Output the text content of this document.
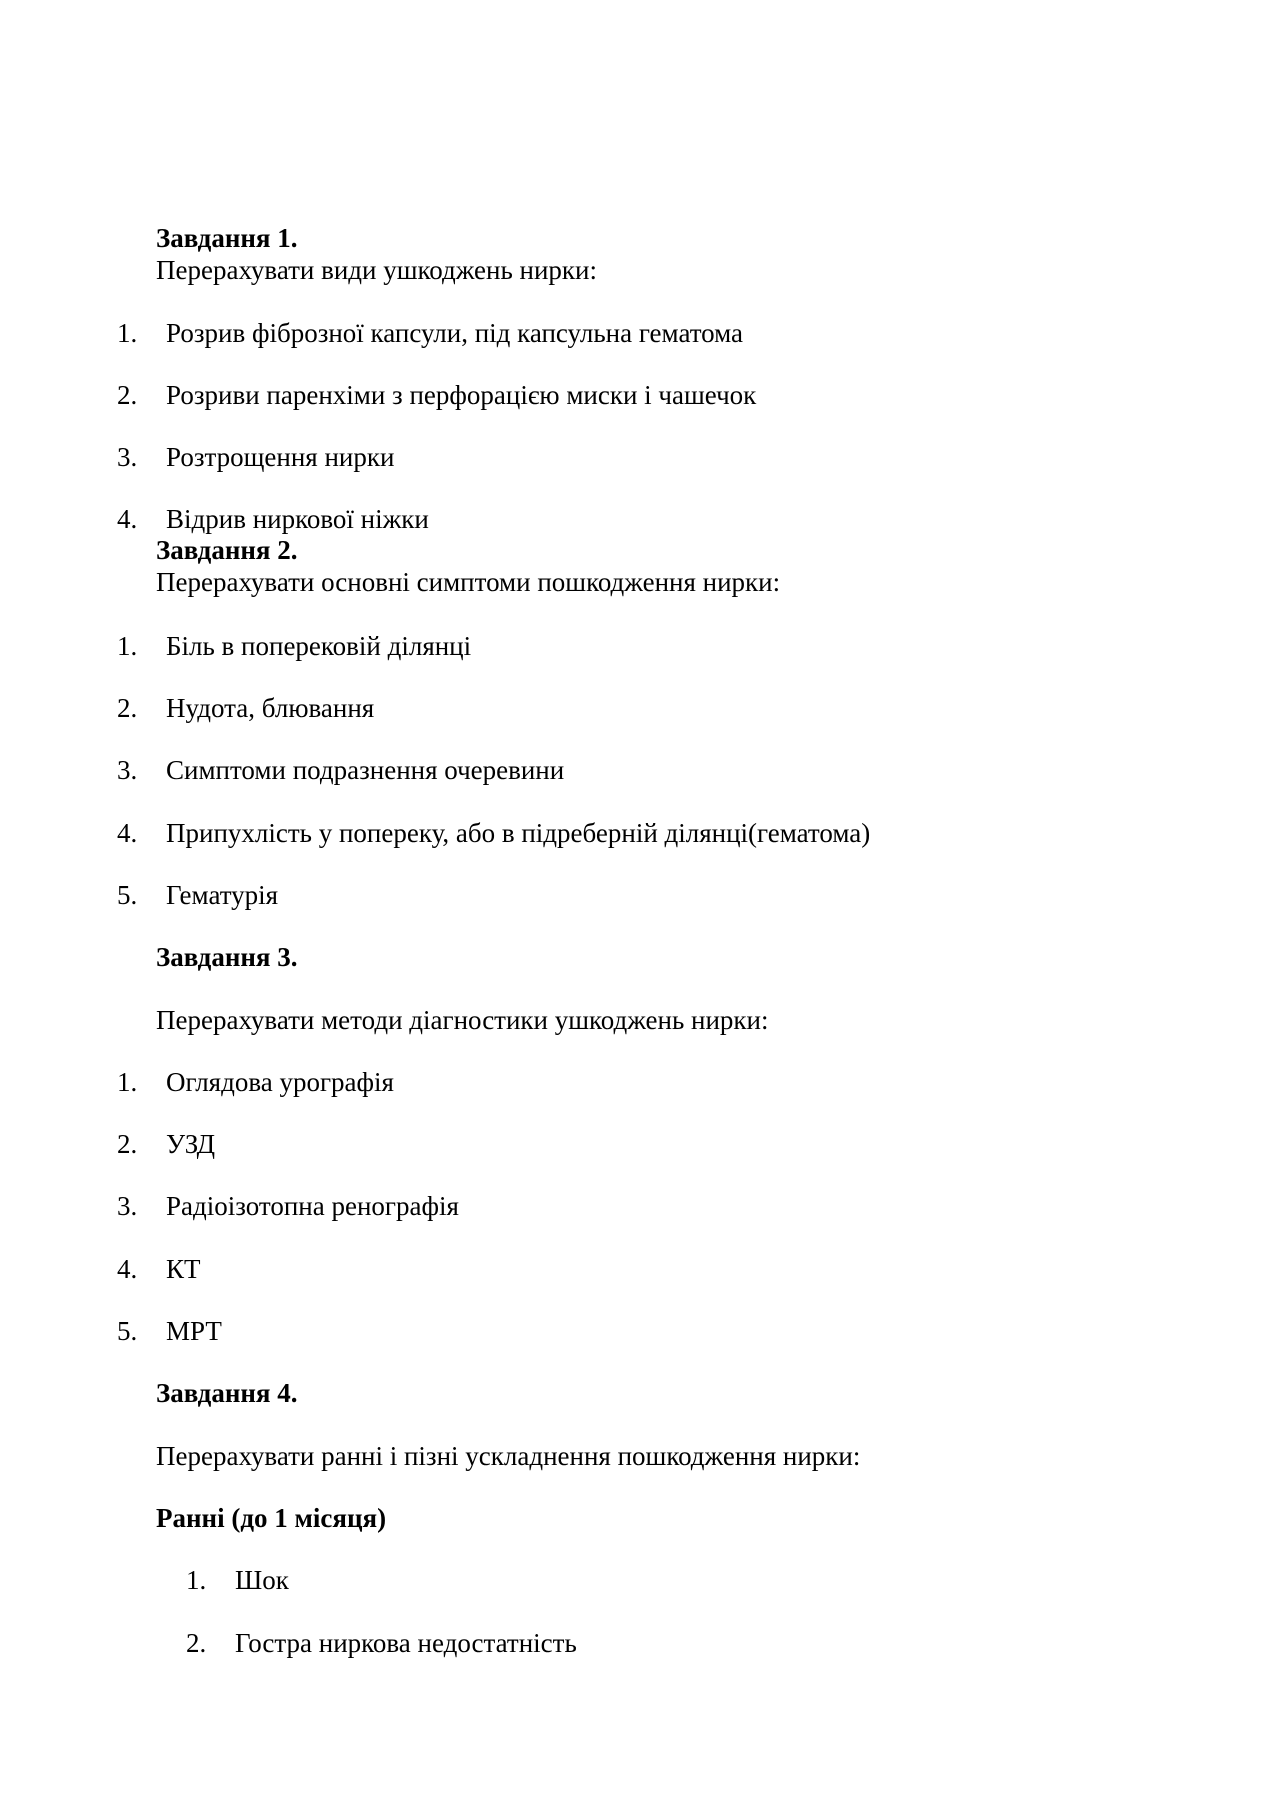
Завдання 1.
Перерахувати види ушкоджень нирки:
1. Розрив фіброзної капсули, під капсульна гематома
2. Розриви паренхіми з перфорацією миски і чашечок
3. Розтрощення нирки
4. Відрив ниркової ніжки
Завдання 2.
Перерахувати основні симптоми пошкодження нирки:
1. Біль в поперековій ділянці
2. Нудота, блювання
3. Симптоми подразнення очеревини
4. Припухлість у попереку, або в підреберній ділянці(гематома)
5. Гематурія
Завдання 3.
Перерахувати методи діагностики ушкоджень нирки:
1. Оглядова урографія
2. УЗД
3. Радіоізотопна ренографія
4. КТ
5. МРТ
Завдання 4.
Перерахувати ранні і пізні ускладнення пошкодження нирки:
Ранні (до 1 місяця)
1. Шок
2. Гостра ниркова недостатність
